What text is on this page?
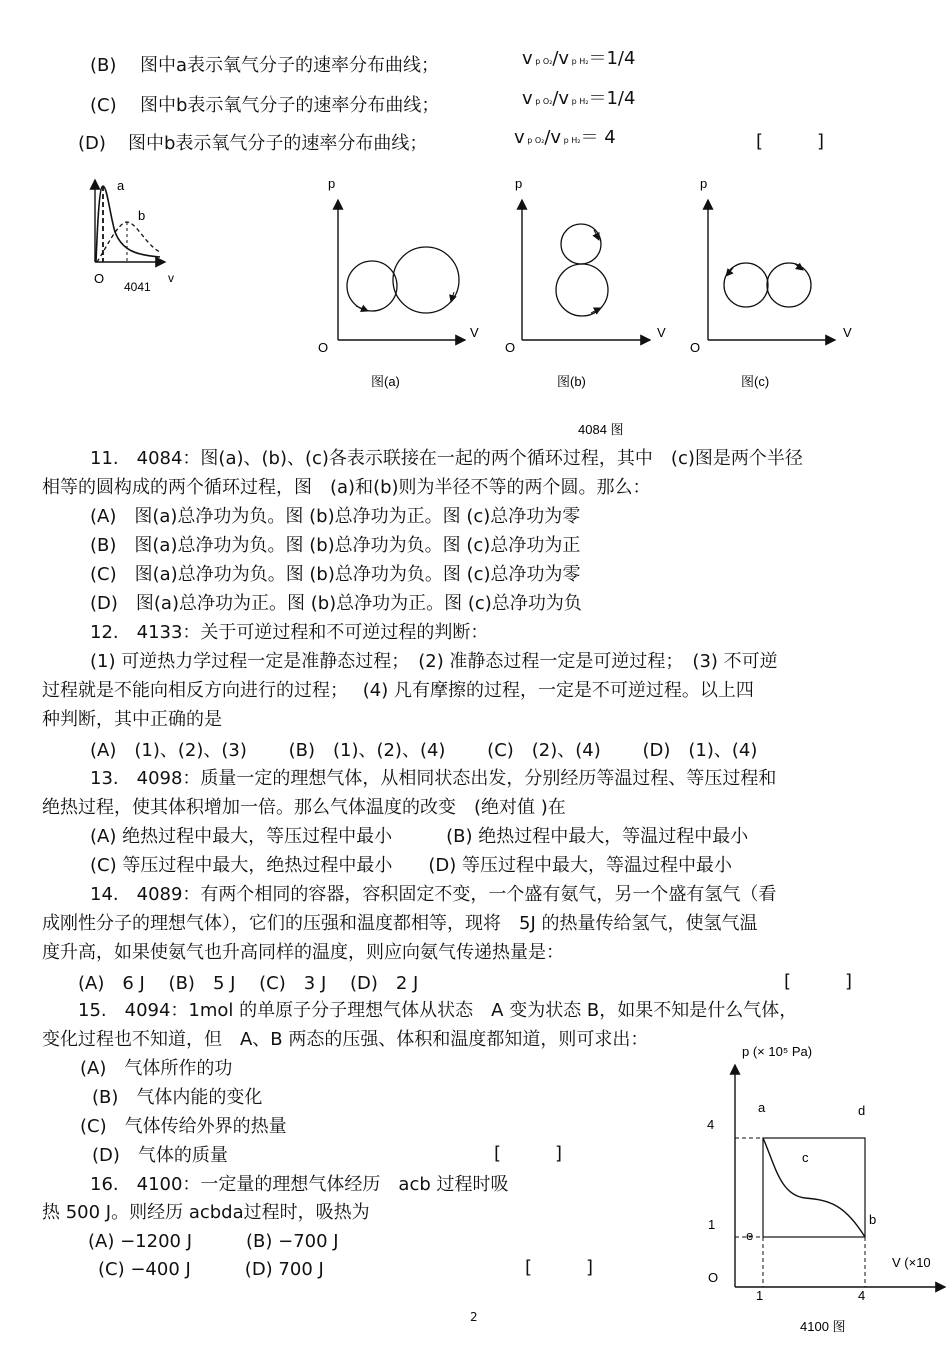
(B) 图中a表示氧气分子的速率分布曲线；	v p O₂/v p H₂＝1/4
(C) 图中b表示氧气分子的速率分布曲线；	v p O₂/v p H₂＝1/4
(D) 图中b表示氧气分子的速率分布曲线；	v p O₂/v p H₂＝ 4	[　　　]
a
b
O	v
4041
p
V
O
图(a)
p
V
O
图(b)
p
V
O
图(c)
4084 图
p (× 10⁵ Pa)
V (×10
a	d
c
b
e
4
1
O
1	4
4100 图
11.　4084：图(a)、(b)、(c)各表示联接在一起的两个循环过程，其中　(c)图是两个半径
相等的圆构成的两个循环过程，图　(a)和(b)则为半径不等的两个圆。那么：
(A)　图(a)总净功为负。图 (b)总净功为正。图 (c)总净功为零
(B)　图(a)总净功为负。图 (b)总净功为负。图 (c)总净功为正
(C)　图(a)总净功为负。图 (b)总净功为负。图 (c)总净功为零
(D)　图(a)总净功为正。图 (b)总净功为正。图 (c)总净功为负
12.　4133：关于可逆过程和不可逆过程的判断：
(1) 可逆热力学过程一定是准静态过程；　(2) 准静态过程一定是可逆过程；　(3) 不可逆
过程就是不能向相反方向进行的过程；　 (4) 凡有摩擦的过程，一定是不可逆过程。以上四
种判断，其中正确的是
(A)　(1)、(2)、(3)　　 (B)　(1)、(2)、(4)　　 (C)　(2)、(4)　　 (D)　(1)、(4)
13.　4098：质量一定的理想气体，从相同状态出发，分别经历等温过程、等压过程和
绝热过程，使其体积增加一倍。那么气体温度的改变　(绝对值 )在
(A) 绝热过程中最大，等压过程中最小　　　(B) 绝热过程中最大，等温过程中最小
(C) 等压过程中最大，绝热过程中最小　　(D) 等压过程中最大，等温过程中最小
14.　4089：有两个相同的容器，容积固定不变，一个盛有氨气，另一个盛有氢气（看
成刚性分子的理想气体），它们的压强和温度都相等，现将　5J 的热量传给氢气，使氢气温
度升高，如果使氨气也升高同样的温度，则应向氨气传递热量是：
(A)　6 J　 (B)　5 J　 (C)　3 J　 (D)　2 J	[　　　]
15.　4094：1mol 的单原子分子理想气体从状态　A 变为状态 B，如果不知是什么气体，
变化过程也不知道，但　A、B 两态的压强、体积和温度都知道，则可求出：
(A)　气体所作的功
(B)　气体内能的变化
(C)　气体传给外界的热量
(D)　气体的质量	[　　　]
16.　4100：一定量的理想气体经历　acb 过程时吸
热 500 J。则经历 acbda过程时，吸热为
(A) −1200 J　　　(B) −700 J
(C) −400 J　　　(D) 700 J	[　　　]
2
